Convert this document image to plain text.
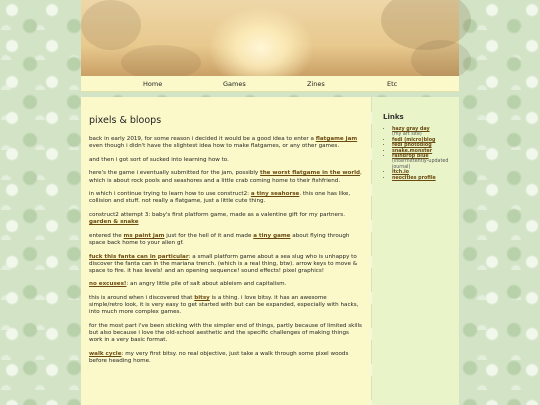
Home	Games	Zines	Etc
pixels & bloops

back in early 2019, for some reason i decided it would be a good idea to enter a flatgame jam even though i didn't have the slightest idea how to make flatgames, or any other games.

and then i got sort of sucked into learning how to.

here's the game i eventually submitted for the jam, possibly the worst flatgame in the world, which is about rock pools and seashores and a little crab coming home to their fishfriend.

in which i continue trying to learn how to use construct2: a tiny seahorse. this one has like, collision and stuff. not really a flatgame, just a little cute thing.

construct2 attempt 3: baby's first platform game, made as a valentine gift for my partners. garden & snake

entered the ms paint jam just for the hell of it and made a tiny game about flying through space back home to your alien gf.

fuck this fanta can in particular: a small platform game about a sea slug who is unhappy to discover the fanta can in the mariana trench. (which is a real thing, btw). arrow keys to move & space to fire. it has levels! and an opening sequence! sound effects! pixel graphics!

no excuses!: an angry little pile of salt about ableism and capitalism.

this is around when i discovered that bitsy is a thing. i love bitsy. it has an awesome simple/retro look, it is very easy to get started with but can be expanded, especially with hacks, into much more complex games.

for the most part i've been sticking with the simpler end of things, partly because of limited skills but also because i love the old-school aesthetic and the specific challenges of making things work in a very basic format.

walk cycle: my very first bitsy. no real objective, just take a walk through some pixel woods before heading home.

Links
• hazy gray day
(my art site)
• fedi (micro)blog
• fedi photoblog
• snake.monster
• raindrop blue
(intermittently-updated journal)
• itch.io
• neocities profile
